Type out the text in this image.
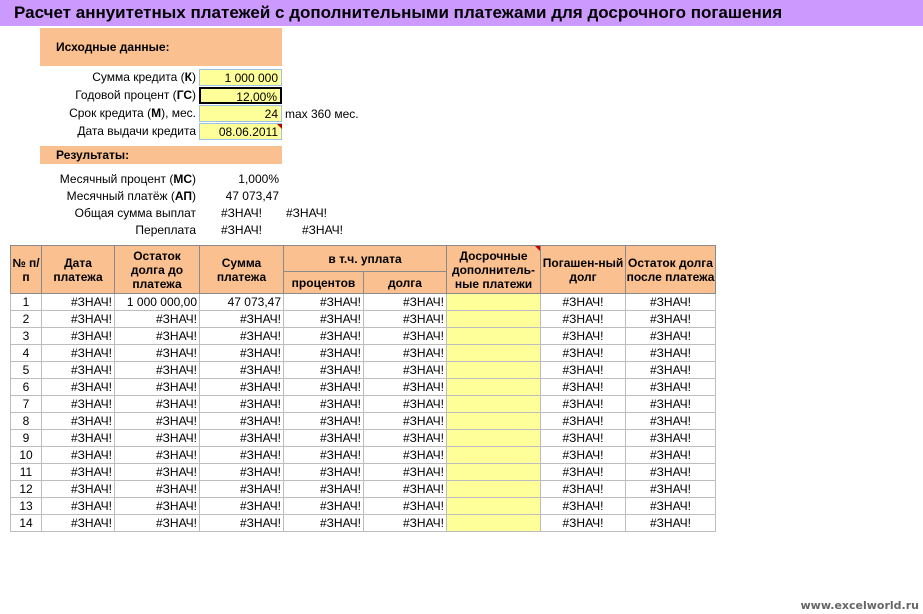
Расчет аннуитетных платежей с дополнительными платежами для досрочного погашения
Исходные данные:
Сумма кредита (К)	1 000 000
Годовой процент (ГС)	12,00%
Срок кредита (М), мес.	24 max 360 мес.
Дата выдачи кредита	08.06.2011
Результаты:
Месячный процент (МС)	1,000%
Месячный платёж (АП)	47 073,47
Общая сумма выплат	#ЗНАЧ!	#ЗНАЧ!
Переплата	#ЗНАЧ!	#ЗНАЧ!
№ п/п	Дата платежа	Остаток долга до платежа	Сумма платежа	в т.ч. уплата		Досрочные дополнитель-ные платежи	Погашен-ный долг	Остаток долга после платежа
				процентов	долга			
1	#ЗНАЧ!	1 000 000,00	47 073,47	#ЗНАЧ!	#ЗНАЧ!		#ЗНАЧ!	#ЗНАЧ!
2	#ЗНАЧ!	#ЗНАЧ!	#ЗНАЧ!	#ЗНАЧ!	#ЗНАЧ!		#ЗНАЧ!	#ЗНАЧ!
3	#ЗНАЧ!	#ЗНАЧ!	#ЗНАЧ!	#ЗНАЧ!	#ЗНАЧ!		#ЗНАЧ!	#ЗНАЧ!
4	#ЗНАЧ!	#ЗНАЧ!	#ЗНАЧ!	#ЗНАЧ!	#ЗНАЧ!		#ЗНАЧ!	#ЗНАЧ!
5	#ЗНАЧ!	#ЗНАЧ!	#ЗНАЧ!	#ЗНАЧ!	#ЗНАЧ!		#ЗНАЧ!	#ЗНАЧ!
6	#ЗНАЧ!	#ЗНАЧ!	#ЗНАЧ!	#ЗНАЧ!	#ЗНАЧ!		#ЗНАЧ!	#ЗНАЧ!
7	#ЗНАЧ!	#ЗНАЧ!	#ЗНАЧ!	#ЗНАЧ!	#ЗНАЧ!		#ЗНАЧ!	#ЗНАЧ!
8	#ЗНАЧ!	#ЗНАЧ!	#ЗНАЧ!	#ЗНАЧ!	#ЗНАЧ!		#ЗНАЧ!	#ЗНАЧ!
9	#ЗНАЧ!	#ЗНАЧ!	#ЗНАЧ!	#ЗНАЧ!	#ЗНАЧ!		#ЗНАЧ!	#ЗНАЧ!
10	#ЗНАЧ!	#ЗНАЧ!	#ЗНАЧ!	#ЗНАЧ!	#ЗНАЧ!		#ЗНАЧ!	#ЗНАЧ!
11	#ЗНАЧ!	#ЗНАЧ!	#ЗНАЧ!	#ЗНАЧ!	#ЗНАЧ!		#ЗНАЧ!	#ЗНАЧ!
12	#ЗНАЧ!	#ЗНАЧ!	#ЗНАЧ!	#ЗНАЧ!	#ЗНАЧ!		#ЗНАЧ!	#ЗНАЧ!
13	#ЗНАЧ!	#ЗНАЧ!	#ЗНАЧ!	#ЗНАЧ!	#ЗНАЧ!		#ЗНАЧ!	#ЗНАЧ!
14	#ЗНАЧ!	#ЗНАЧ!	#ЗНАЧ!	#ЗНАЧ!	#ЗНАЧ!		#ЗНАЧ!	#ЗНАЧ!
www.excelworld.ru
